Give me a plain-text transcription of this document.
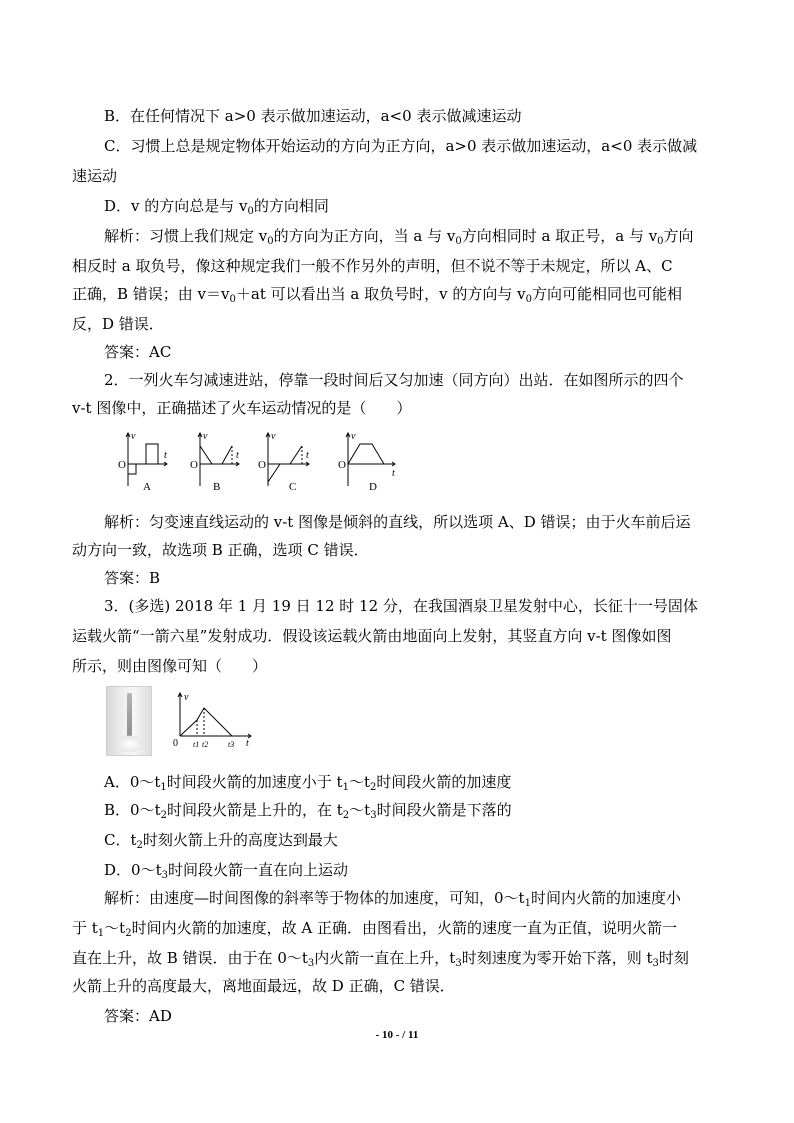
B．在任何情况下 a>0 表示做加速运动，a<0 表示做减速运动
C．习惯上总是规定物体开始运动的方向为正方向，a>0 表示做加速运动，a<0 表示做减
速运动
D．v 的方向总是与 $v_0$的方向相同
解析：习惯上我们规定 $v_0$的方向为正方向，当 a 与 $v_0$方向相同时 a 取正号，a 与 $v_0$方向
相反时 a 取负号，像这种规定我们一般不作另外的声明，但不说不等于未规定，所以 A、C
正确，B 错误；由 $v=v_0+at$ 可以看出当 a 取负号时，v 的方向与 $v_0$方向可能相同也可能相
反，D 错误．
答案：AC
2．一列火车匀减速进站，停靠一段时间后又匀加速（同方向）出站．在如图所示的四个
v-t 图像中，正确描述了火车运动情况的是（　　）
v
t
v
t
v
t
v
t
O	O	O	O
A	B	C	D
解析：匀变速直线运动的 v-t 图像是倾斜的直线，所以选项 A、D 错误；由于火车前后运
动方向一致，故选项 B 正确，选项 C 错误．
答案：B
3．(多选) 2018 年 1 月 19 日 12 时 12 分，在我国酒泉卫星发射中心，长征十一号固体
运载火箭“一箭六星”发射成功．假设该运载火箭由地面向上发射，其竖直方向 v-t 图像如图
所示，则由图像可知（　　）
v
t
t1 t2 t3
0
A．$0\sim t_1$时间段火箭的加速度小于 $t_1\sim t_2$时间段火箭的加速度
B．$0\sim t_2$时间段火箭是上升的，在 $t_2\sim t_3$时间段火箭是下落的
C．$t_2$时刻火箭上升的高度达到最大
D．$0\sim t_3$时间段火箭一直在向上运动
解析：由速度—时间图像的斜率等于物体的加速度，可知，$0\sim t_1$时间内火箭的加速度小
于 $t_1\sim t_2$时间内火箭的加速度，故 A 正确．由图看出，火箭的速度一直为正值，说明火箭一
直在上升，故 B 错误．由于在 $0\sim t_3$内火箭一直在上升，$t_3$时刻速度为零开始下落，则 $t_3$时刻
火箭上升的高度最大，离地面最远，故 D 正确，C 错误．
答案：AD
- 10 - / 11
